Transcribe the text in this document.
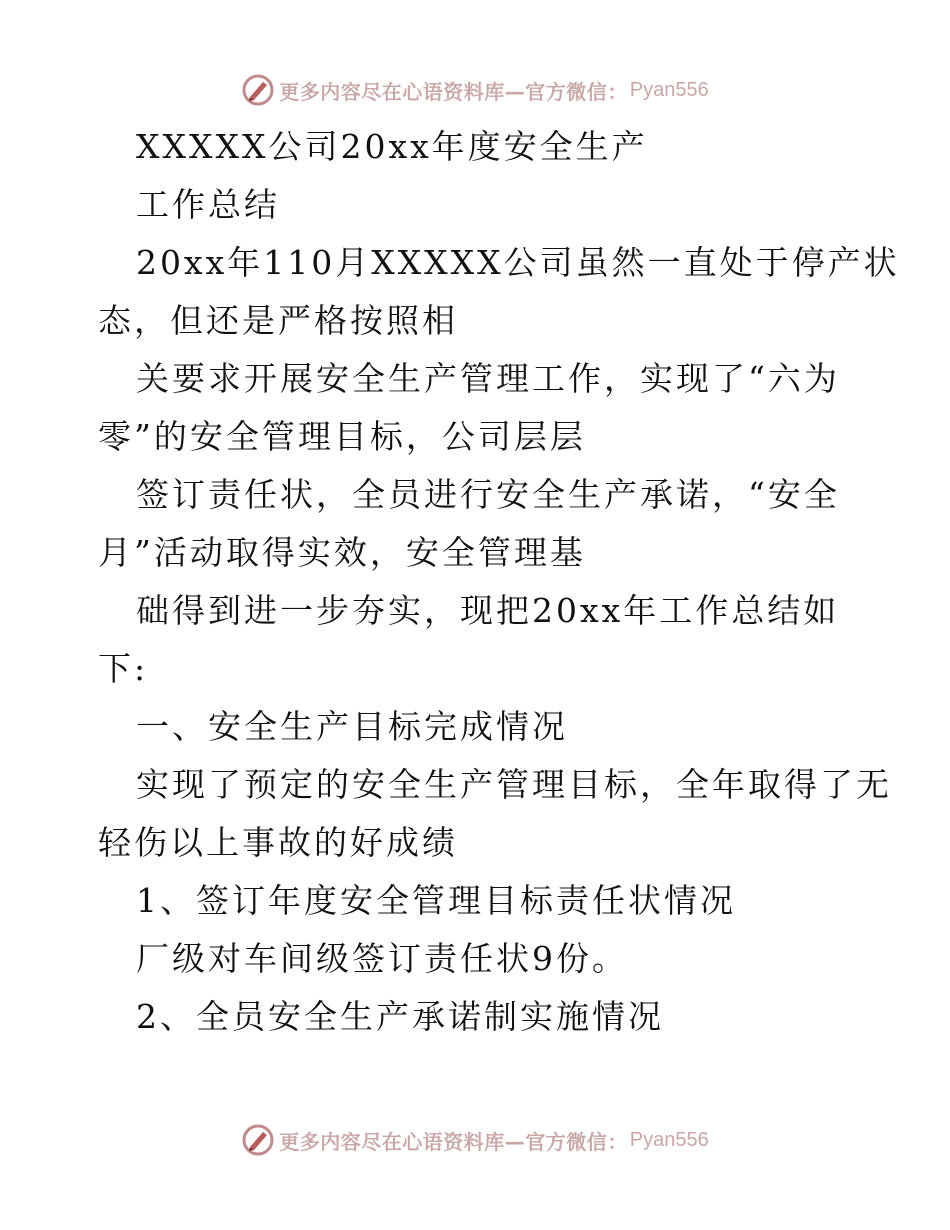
更多内容尽在心语资料库—官方微信： Pyan556
XXXXX公司20xx年度安全生产
工作总结
20xx年110月XXXXX公司虽然一直处于停产状
态，但还是严格按照相
关要求开展安全生产管理工作，实现了“六为
零”的安全管理目标，公司层层
签订责任状，全员进行安全生产承诺，“安全
月”活动取得实效，安全管理基
础得到进一步夯实，现把20xx年工作总结如
下:
一、安全生产目标完成情况
实现了预定的安全生产管理目标，全年取得了无
轻伤以上事故的好成绩
1、签订年度安全管理目标责任状情况
厂级对车间级签订责任状9份。
2、全员安全生产承诺制实施情况
更多内容尽在心语资料库—官方微信： Pyan556
